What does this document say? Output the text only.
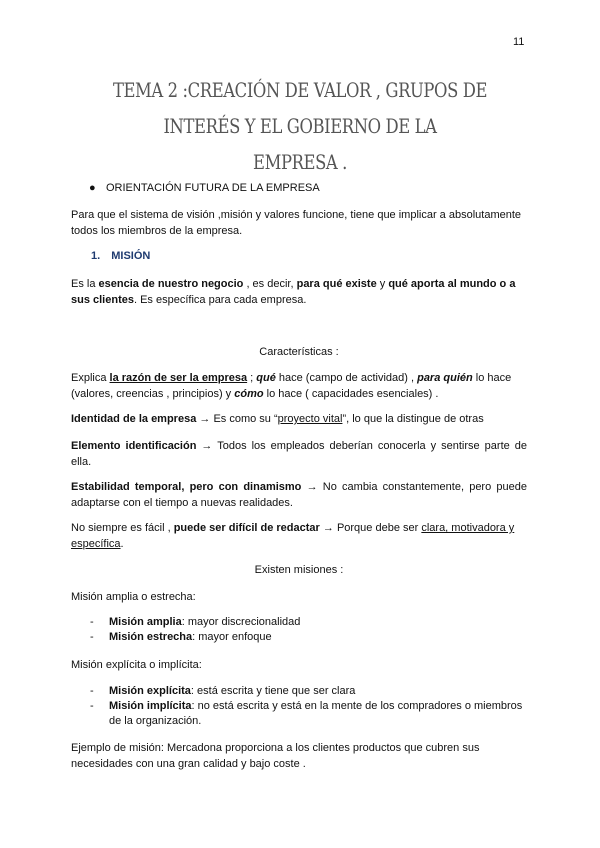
11
TEMA 2 :CREACIÓN DE VALOR , GRUPOS DE INTERÉS Y EL GOBIERNO DE LA
EMPRESA .
● ORIENTACIÓN FUTURA DE LA EMPRESA
Para que el sistema de visión ,misión y valores funcione, tiene que implicar a absolutamente todos los miembros de la empresa.
1. MISIÓN
Es la esencia de nuestro negocio , es decir, para qué existe y qué aporta al mundo o a sus clientes. Es específica para cada empresa.
Características :
Explica la razón de ser la empresa ; qué hace (campo de actividad) , para quién lo hace (valores, creencias , principios) y cómo lo hace ( capacidades esenciales) .
Identidad de la empresa → Es como su “proyecto vital”, lo que la distingue de otras
Elemento identificación → Todos los empleados deberían conocerla y sentirse parte de ella.
Estabilidad temporal, pero con dinamismo → No cambia constantemente, pero puede adaptarse con el tiempo a nuevas realidades.
No siempre es fácil , puede ser difícil de redactar → Porque debe ser clara, motivadora y específica.
Existen misiones :
Misión amplia o estrecha:
- Misión amplia: mayor discrecionalidad
- Misión estrecha: mayor enfoque
Misión explícita o implícita:
- Misión explícita: está escrita y tiene que ser clara
- Misión implícita: no está escrita y está en la mente de los compradores o miembros de la organización.
Ejemplo de misión: Mercadona proporciona a los clientes productos que cubren sus necesidades con una gran calidad y bajo coste .
